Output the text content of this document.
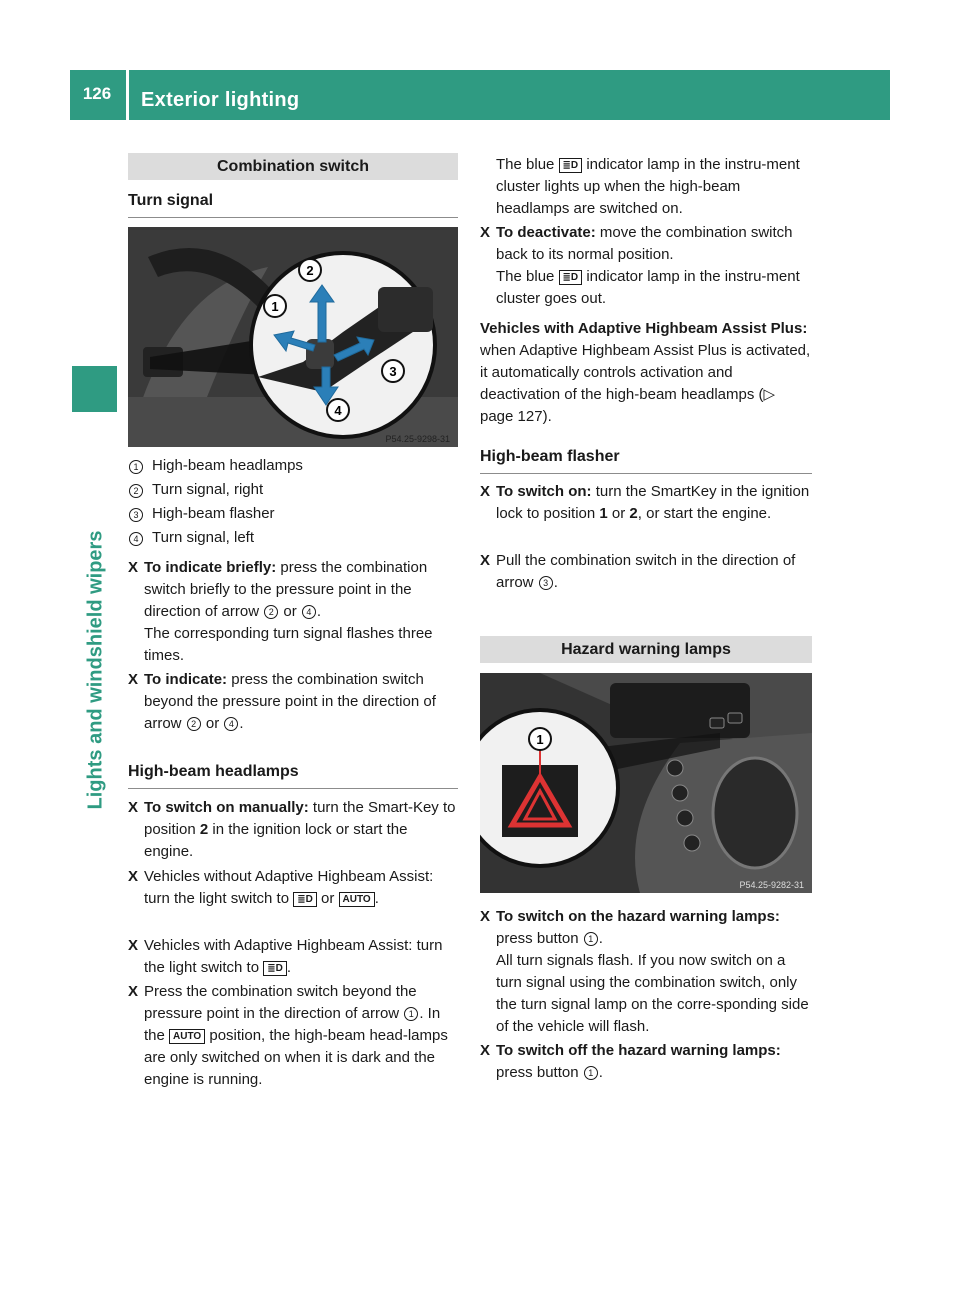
126	Exterior lighting
Lights and windshield wipers
Combination switch
Turn signal
2
1
3
4
P54.25-9298-31
1 High-beam headlamps
2 Turn signal, right
3 High-beam flasher
4 Turn signal, left
X To indicate briefly: press the combination switch briefly to the pressure point in the direction of arrow 2 or 4 .
The corresponding turn signal flashes three times.
X To indicate: press the combination switch beyond the pressure point in the direction of arrow 2 or 4 .
High-beam headlamps
X To switch on manually: turn the Smart-Key to position 2 in the ignition lock or start the engine.
X Vehicles without Adaptive Highbeam Assist: turn the light switch to ≣D or AUTO .
X Vehicles with Adaptive Highbeam Assist: turn the light switch to ≣D .
X Press the combination switch beyond the pressure point in the direction of arrow 1 . In the AUTO position, the high-beam head-lamps are only switched on when it is dark and the engine is running.
The blue ≣D indicator lamp in the instru-ment cluster lights up when the high-beam headlamps are switched on.
X To deactivate: move the combination switch back to its normal position.
The blue ≣D indicator lamp in the instru-ment cluster goes out.
Vehicles with Adaptive Highbeam Assist Plus: when Adaptive Highbeam Assist Plus is activated, it automatically controls activation and deactivation of the high-beam headlamps (▷ page 127).
High-beam flasher
X To switch on: turn the SmartKey in the ignition lock to position 1 or 2, or start the engine.
X Pull the combination switch in the direction of arrow 3 .
Hazard warning lamps
1
P54.25-9282-31
X To switch on the hazard warning lamps:
press button 1 .
All turn signals flash. If you now switch on a turn signal using the combination switch, only the turn signal lamp on the corre-sponding side of the vehicle will flash.
X To switch off the hazard warning lamps:
press button 1 .
